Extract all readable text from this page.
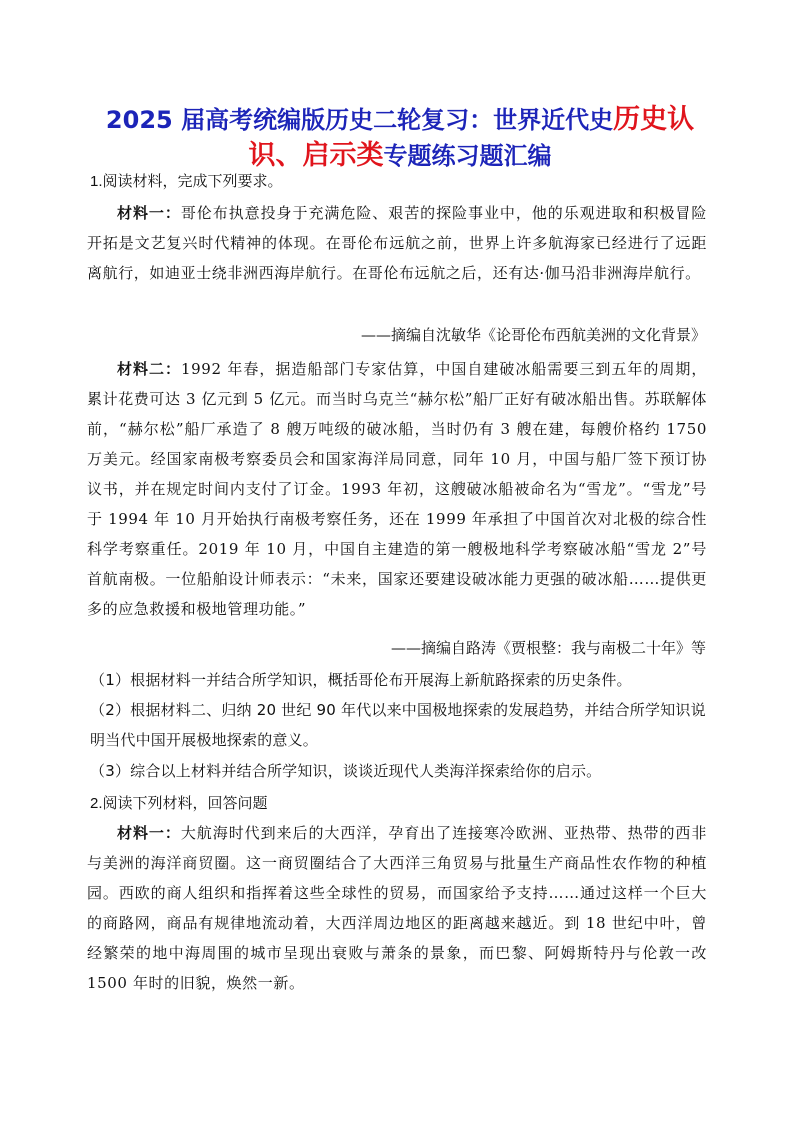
2025 届高考统编版历史二轮复习：世界近代史历史认
识、启示类专题练习题汇编
1.阅读材料，完成下列要求。
材料一：哥伦布执意投身于充满危险、艰苦的探险事业中，他的乐观进取和积极冒险开拓是文艺复兴时代精神的体现。在哥伦布远航之前，世界上许多航海家已经进行了远距离航行，如迪亚士绕非洲西海岸航行。在哥伦布远航之后，还有达·伽马沿非洲海岸航行。
——摘编自沈敏华《论哥伦布西航美洲的文化背景》
材料二：1992 年春，据造船部门专家估算，中国自建破冰船需要三到五年的周期，累计花费可达 3 亿元到 5 亿元。而当时乌克兰“赫尔松”船厂正好有破冰船出售。苏联解体前，“赫尔松”船厂承造了 8 艘万吨级的破冰船，当时仍有 3 艘在建，每艘价格约 1750 万美元。经国家南极考察委员会和国家海洋局同意，同年 10 月，中国与船厂签下预订协议书，并在规定时间内支付了订金。1993 年初，这艘破冰船被命名为“雪龙”。“雪龙”号于 1994 年 10 月开始执行南极考察任务，还在 1999 年承担了中国首次对北极的综合性科学考察重任。2019 年 10 月，中国自主建造的第一艘极地科学考察破冰船“雪龙 2”号首航南极。一位船舶设计师表示：“未来，国家还要建设破冰能力更强的破冰船……提供更多的应急救援和极地管理功能。”
——摘编自路涛《贾根整：我与南极二十年》等
（1）根据材料一并结合所学知识，概括哥伦布开展海上新航路探索的历史条件。
（2）根据材料二、归纳 20 世纪 90 年代以来中国极地探索的发展趋势，并结合所学知识说明当代中国开展极地探索的意义。
（3）综合以上材料并结合所学知识，谈谈近现代人类海洋探索给你的启示。
2.阅读下列材料，回答问题
材料一：大航海时代到来后的大西洋，孕育出了连接寒冷欧洲、亚热带、热带的西非与美洲的海洋商贸圈。这一商贸圈结合了大西洋三角贸易与批量生产商品性农作物的种植园。西欧的商人组织和指挥着这些全球性的贸易，而国家给予支持……通过这样一个巨大的商路网，商品有规律地流动着，大西洋周边地区的距离越来越近。到 18 世纪中叶，曾经繁荣的地中海周围的城市呈现出衰败与萧条的景象，而巴黎、阿姆斯特丹与伦敦一改 1500 年时的旧貌，焕然一新。
